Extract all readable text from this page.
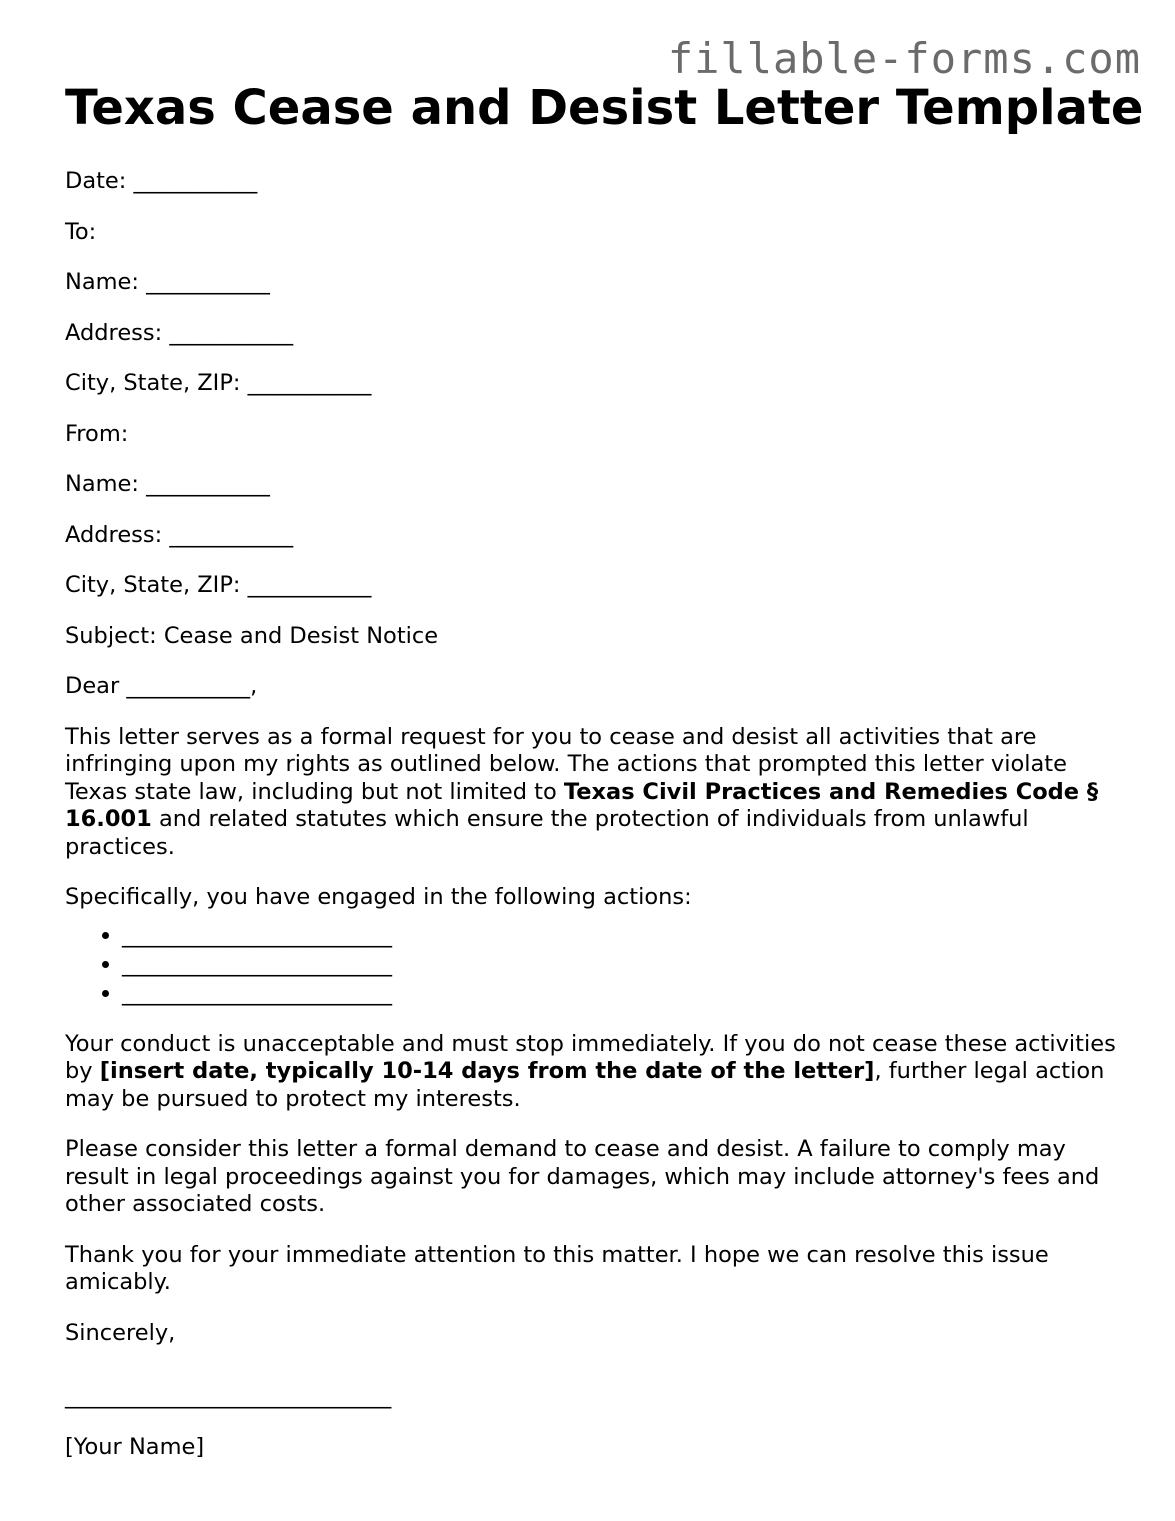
fillable-forms.com
Texas Cease and Desist Letter Template

Date: ___________

To:

Name: ___________

Address: ___________

City, State, ZIP: ___________

From:

Name: ___________

Address: ___________

City, State, ZIP: ___________

Subject: Cease and Desist Notice

Dear ___________,

This letter serves as a formal request for you to cease and desist all activities that are infringing upon my rights as outlined below. The actions that prompted this letter violate Texas state law, including but not limited to Texas Civil Practices and Remedies Code § 16.001 and related statutes which ensure the protection of individuals from unlawful practices.

Specifically, you have engaged in the following actions:

• ________________________
• ________________________
• ________________________

Your conduct is unacceptable and must stop immediately. If you do not cease these activities by [insert date, typically 10-14 days from the date of the letter], further legal action may be pursued to protect my interests.

Please consider this letter a formal demand to cease and desist. A failure to comply may result in legal proceedings against you for damages, which may include attorney's fees and other associated costs.

Thank you for your immediate attention to this matter. I hope we can resolve this issue amicably.

Sincerely,

_____________________________

[Your Name]
